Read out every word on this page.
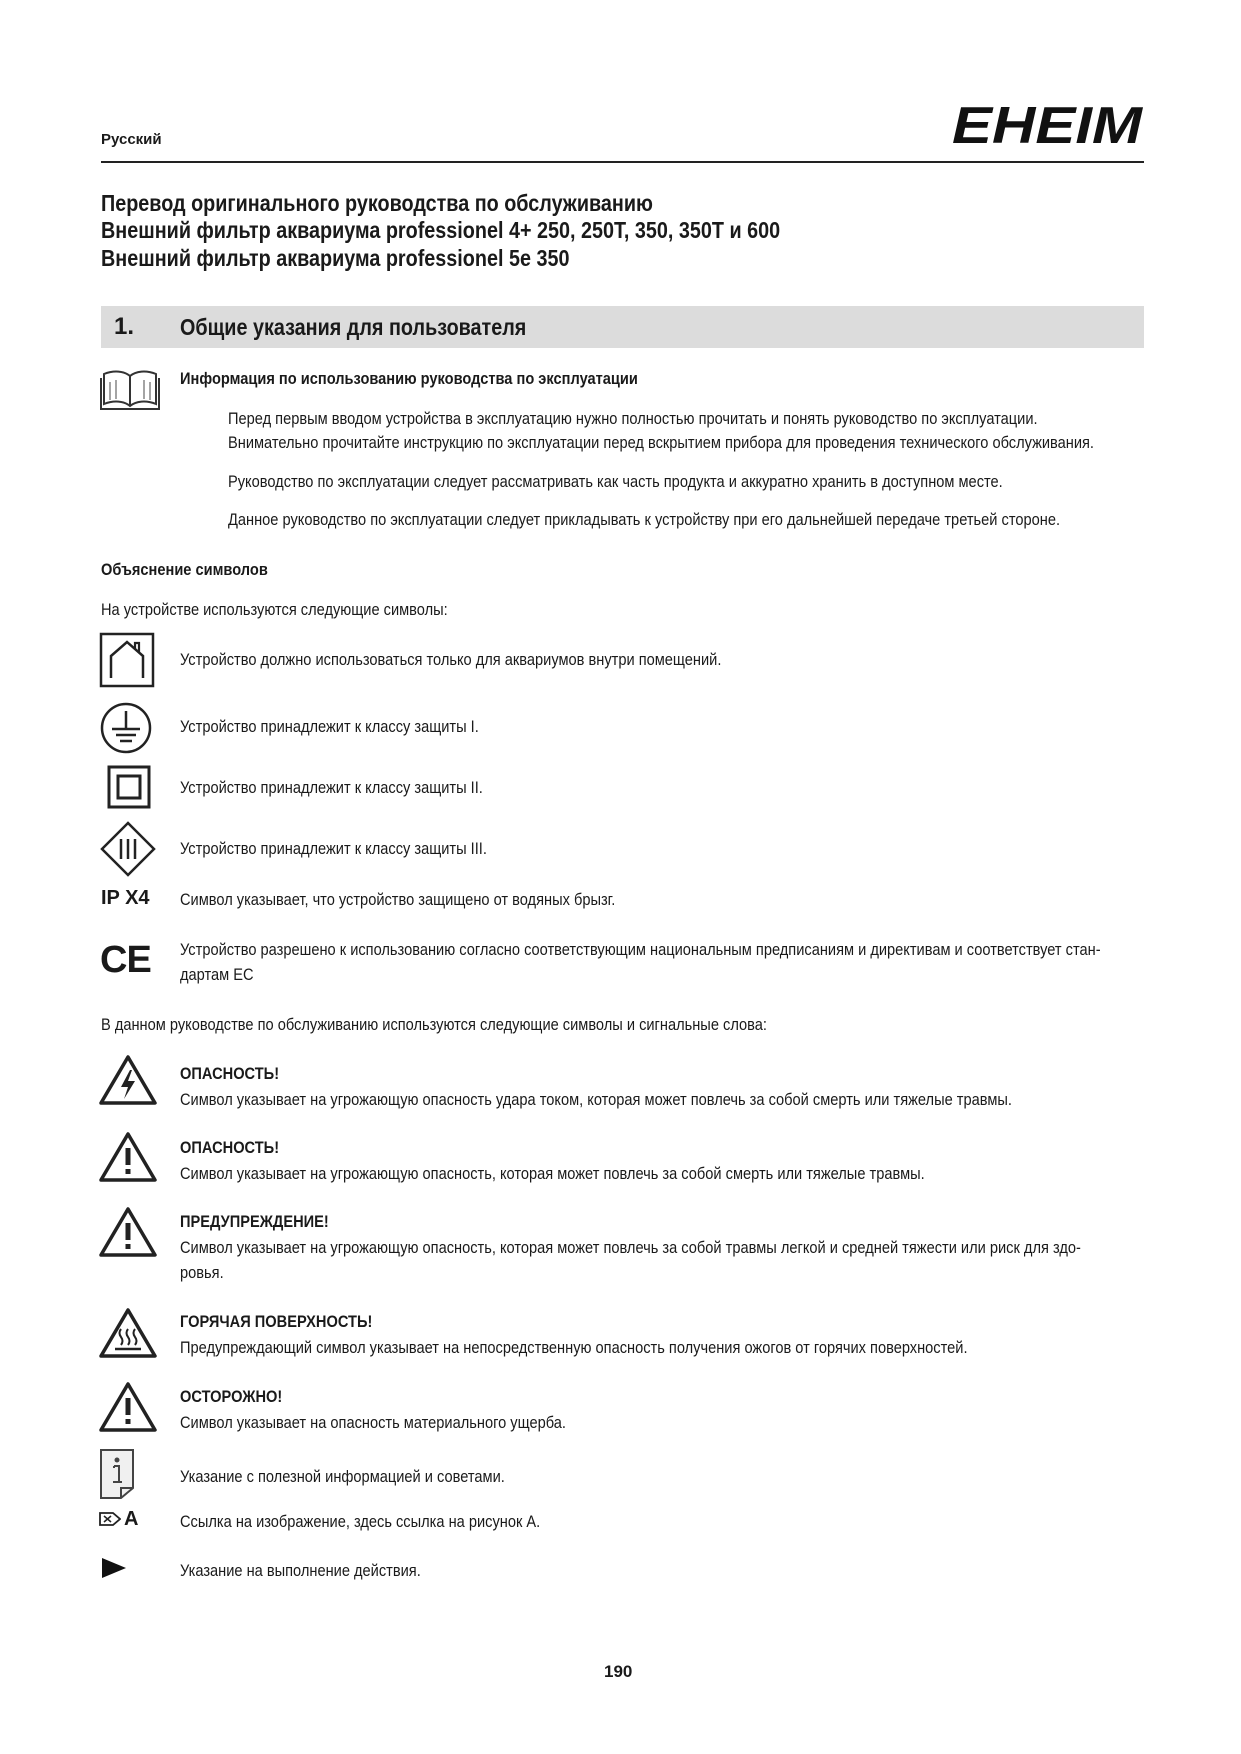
Русский	EHEIM
Перевод оригинального руководства по обслуживанию
Внешний фильтр аквариума professionel 4+ 250, 250T, 350, 350T и 600
Внешний фильтр аквариума professionel 5e 350
1. Общие указания для пользователя
Информация по использованию руководства по эксплуатации
Перед первым вводом устройства в эксплуатацию нужно полностью прочитать и понять руководство по эксплуатации.
Внимательно прочитайте инструкцию по эксплуатации перед вскрытием прибора для проведения технического обслуживания.
Руководство по эксплуатации следует рассматривать как часть продукта и аккуратно хранить в доступном месте.
Данное руководство по эксплуатации следует прикладывать к устройству при его дальнейшей передаче третьей стороне.
Объяснение символов
На устройстве используются следующие символы:
Устройство должно использоваться только для аквариумов внутри помещений.
Устройство принадлежит к классу защиты I.
Устройство принадлежит к классу защиты II.
Устройство принадлежит к классу защиты III.
IP X4 Символ указывает, что устройство защищено от водяных брызг.
CE Устройство разрешено к использованию согласно соответствующим национальным предписаниям и директивам и соответствует стан-
дартам ЕС
В данном руководстве по обслуживанию используются следующие символы и сигнальные слова:
ОПАСНОСТЬ!
Символ указывает на угрожающую опасность удара током, которая может повлечь за собой смерть или тяжелые травмы.
ОПАСНОСТЬ!
Символ указывает на угрожающую опасность, которая может повлечь за собой смерть или тяжелые травмы.
ПРЕДУПРЕЖДЕНИЕ!
Символ указывает на угрожающую опасность, которая может повлечь за собой травмы легкой и средней тяжести или риск для здо-
ровья.
ГОРЯЧАЯ ПОВЕРХНОСТЬ!
Предупреждающий символ указывает на непосредственную опасность получения ожогов от горячих поверхностей.
ОСТОРОЖНО!
Символ указывает на опасность материального ущерба.
Указание с полезной информацией и советами.
A Ссылка на изображение, здесь ссылка на рисунок А.
Указание на выполнение действия.
190
